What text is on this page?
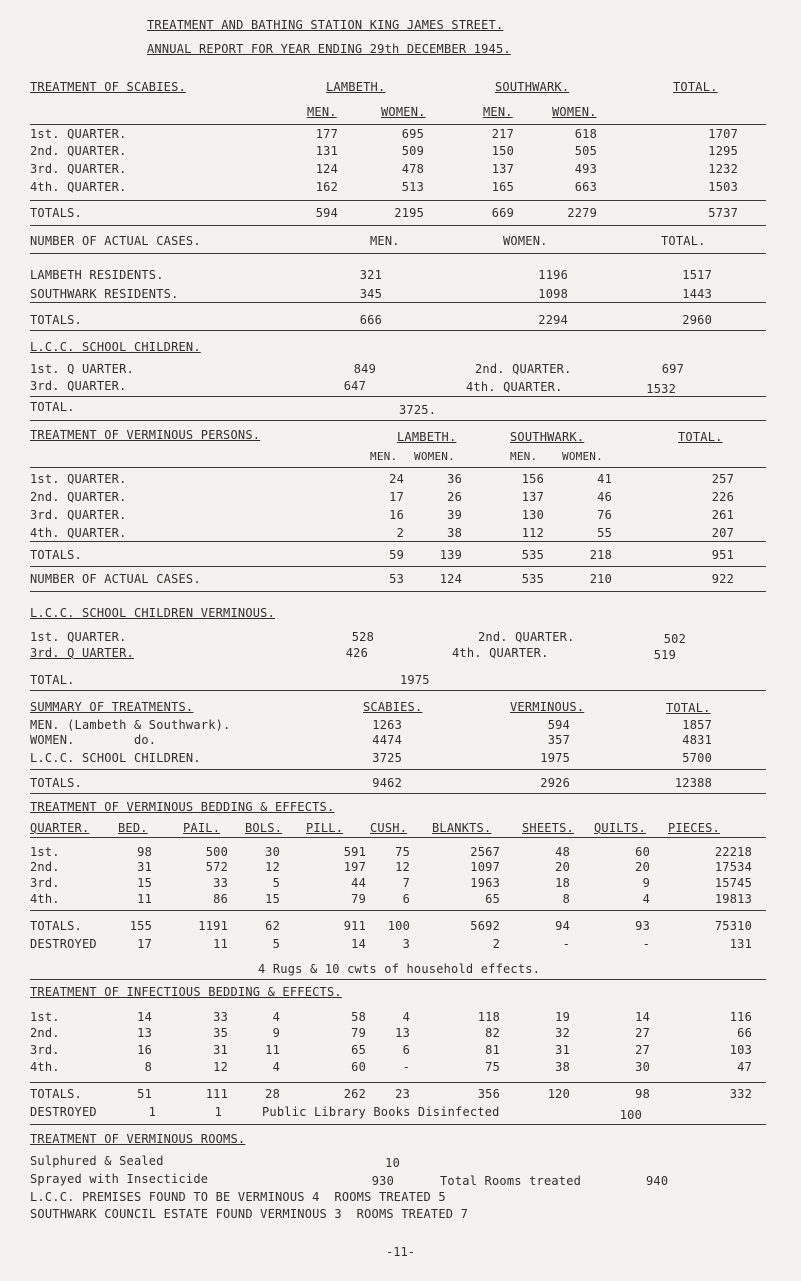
TREATMENT AND BATHING STATION KING JAMES STREET.
ANNUAL REPORT FOR YEAR ENDING 29th DECEMBER 1945.
TREATMENT OF SCABIES.	LAMBETH.	SOUTHWARK.	TOTAL.
MEN.	WOMEN.	MEN.	WOMEN.
1st. QUARTER.	177	695	217	618	1707
2nd. QUARTER.	131	509	150	505	1295
3rd. QUARTER.	124	478	137	493	1232
4th. QUARTER.	162	513	165	663	1503
TOTALS.	594	2195	669	2279	5737
NUMBER OF ACTUAL CASES.	MEN.	WOMEN.	TOTAL.
LAMBETH RESIDENTS.	321	1196	1517
SOUTHWARK RESIDENTS.	345	1098	1443
TOTALS.	666	2294	2960
L.C.C. SCHOOL CHILDREN.
1st. Q UARTER.	849	2nd. QUARTER.	697
3rd. QUARTER.	647	4th. QUARTER.	1532
TOTAL.	3725.
TREATMENT OF VERMINOUS PERSONS.	LAMBETH.	SOUTHWARK.	TOTAL.
MEN. WOMEN.	MEN. WOMEN.
1st. QUARTER.	24	36	156	41	257
2nd. QUARTER.	17	26	137	46	226
3rd. QUARTER.	16	39	130	76	261
4th. QUARTER.	2	38	112	55	207
TOTALS.	59	139	535	218	951
NUMBER OF ACTUAL CASES.	53	124	535	210	922
L.C.C. SCHOOL CHILDREN VERMINOUS.
1st. QUARTER.	528	2nd. QUARTER.	502
3rd. Q UARTER.	426	4th. QUARTER.	519
TOTAL.	1975
SUMMARY OF TREATMENTS.	SCABIES.	VERMINOUS.	TOTAL.
MEN. (Lambeth & Southwark).	1263	594	1857
WOMEN.        do.	4474	357	4831
L.C.C. SCHOOL CHILDREN.	3725	1975	5700
TOTALS.	9462	2926	12388
TREATMENT OF VERMINOUS BEDDING & EFFECTS.
QUARTER. BED.	PAIL. BOLS. PILL. CUSH. BLANKTS.	SHEETS. QUILTS. PIECES.
1st.	98	500	30	591	75	2567	48	60	22218
2nd.	31	572	12	197	12	1097	20	20	17534
3rd.	15	33	5	44	7	1963	18	9	15745
4th.	11	86	15	79	6	65	8	4	19813
TOTALS.	155	1191	62	911	100	5692	94	93	75310
DESTROYED	17	11	5	14	3	2	-	-	131
4 Rugs & 10 cwts of household effects.
TREATMENT OF INFECTIOUS BEDDING & EFFECTS.
1st.	14	33	4	58	4	118	19	14	116
2nd.	13	35	9	79	13	82	32	27	66
3rd.	16	31	11	65	6	81	31	27	103
4th.	8	12	4	60	-	75	38	30	47
TOTALS.	51	111	28	262	23	356	120	98	332
DESTROYED	1	1	Public Library Books Disinfected	100
TREATMENT OF VERMINOUS ROOMS.
Sulphured & Sealed	10
Sprayed with Insecticide	930	Total Rooms treated	940
L.C.C. PREMISES FOUND TO BE VERMINOUS 4  ROOMS TREATED 5
SOUTHWARK COUNCIL ESTATE FOUND VERMINOUS 3  ROOMS TREATED 7
-11-
